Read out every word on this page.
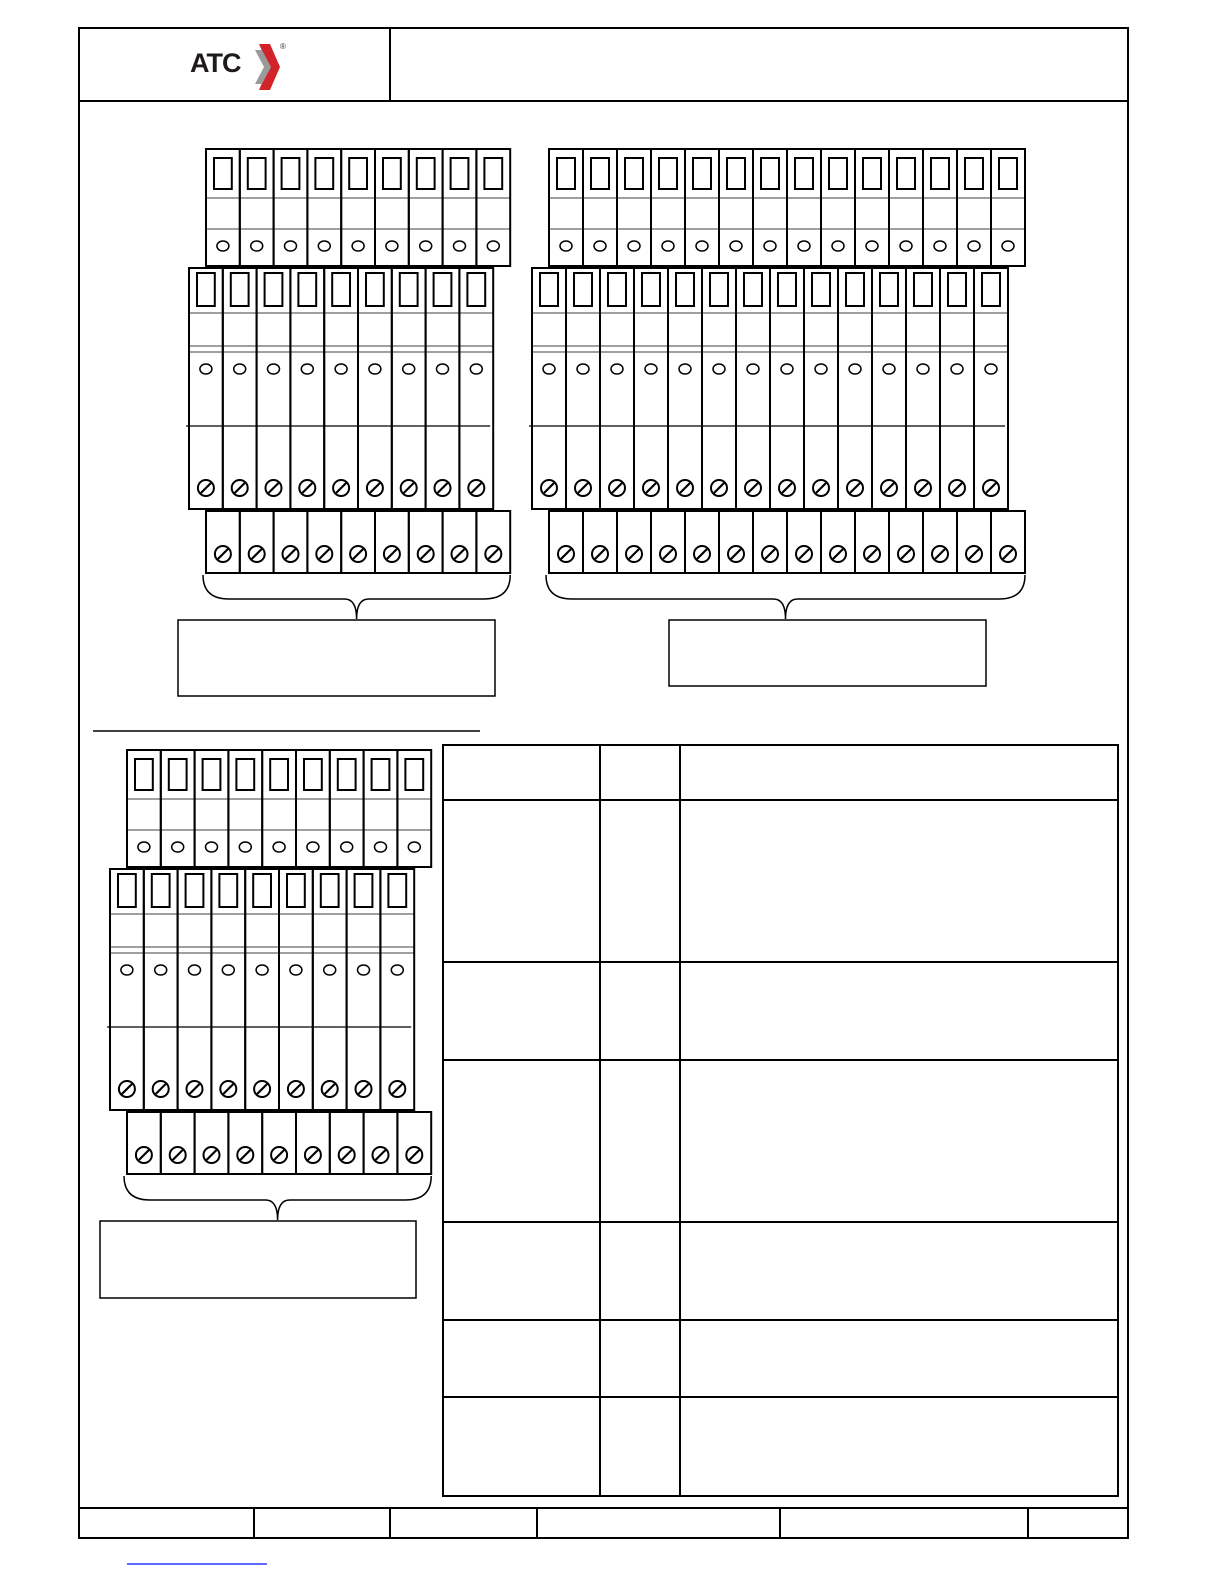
ATC
®
